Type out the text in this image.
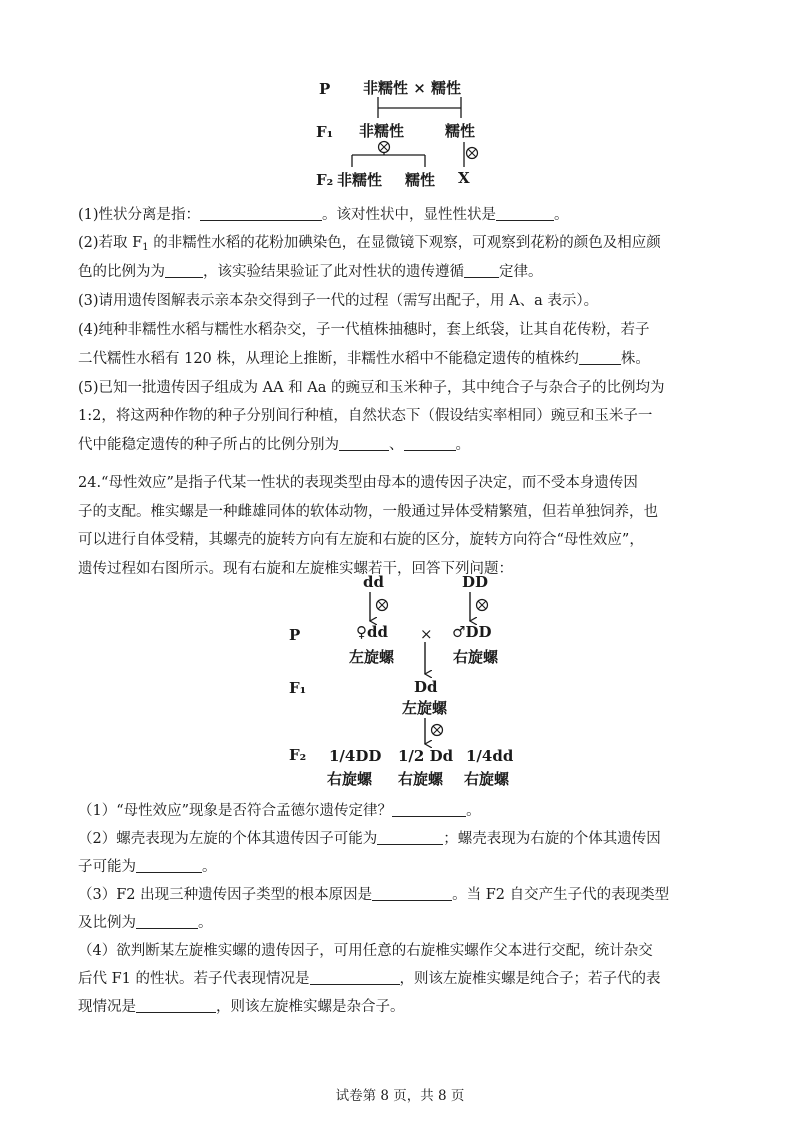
P 非糯性 × 糯性
F₁ 非糯性	糯性
F₂ 非糯性 糯性 X
(1)性状分离是指：	。该对性状中，显性性状是	。
(2)若取 $F_1$ 的非糯性水稻的花粉加碘染色，在显微镜下观察，可观察到花粉的颜色及相应颜
色的比例为为	，该实验结果验证了此对性状的遗传遵循 定律。
(3)请用遗传图解表示亲本杂交得到子一代的过程（需写出配子，用 A、a 表示）。
(4)纯种非糯性水稻与糯性水稻杂交，子一代植株抽穗时，套上纸袋，让其自花传粉，若子
二代糯性水稻有 120 株，从理论上推断，非糯性水稻中不能稳定遗传的植株约	株。
(5)已知一批遗传因子组成为 AA 和 Aa 的豌豆和玉米种子，其中纯合子与杂合子的比例均为
1:2，将这两种作物的种子分别间行种植，自然状态下（假设结实率相同）豌豆和玉米子一
代中能稳定遗传的种子所占的比例分别为	、	。
24.“母性效应”是指子代某一性状的表现类型由母本的遗传因子决定，而不受本身遗传因
子的支配。椎实螺是一种雌雄同体的软体动物，一般通过异体受精繁殖，但若单独饲养，也
可以进行自体受精，其螺壳的旋转方向有左旋和右旋的区分，旋转方向符合“母性效应”，
遗传过程如右图所示。现有右旋和左旋椎实螺若干，回答下列问题：
dd	DD
P	♀dd × ♂DD
左旋螺	右旋螺
F₁	Dd
左旋螺
F₂ 1/4DD 1/2 Dd 1/4dd
右旋螺 右旋螺 右旋螺
（1）“母性效应”现象是否符合孟德尔遗传定律？	。
（2）螺壳表现为左旋的个体其遗传因子可能为	；螺壳表现为右旋的个体其遗传因
子可能为	。
（3）F2 出现三种遗传因子类型的根本原因是	。当 F2 自交产生子代的表现类型
及比例为	。
（4）欲判断某左旋椎实螺的遗传因子，可用任意的右旋椎实螺作父本进行交配，统计杂交
后代 F1 的性状。若子代表现情况是	，则该左旋椎实螺是纯合子；若子代的表
现情况是	，则该左旋椎实螺是杂合子。
试卷第 8 页，共 8 页
